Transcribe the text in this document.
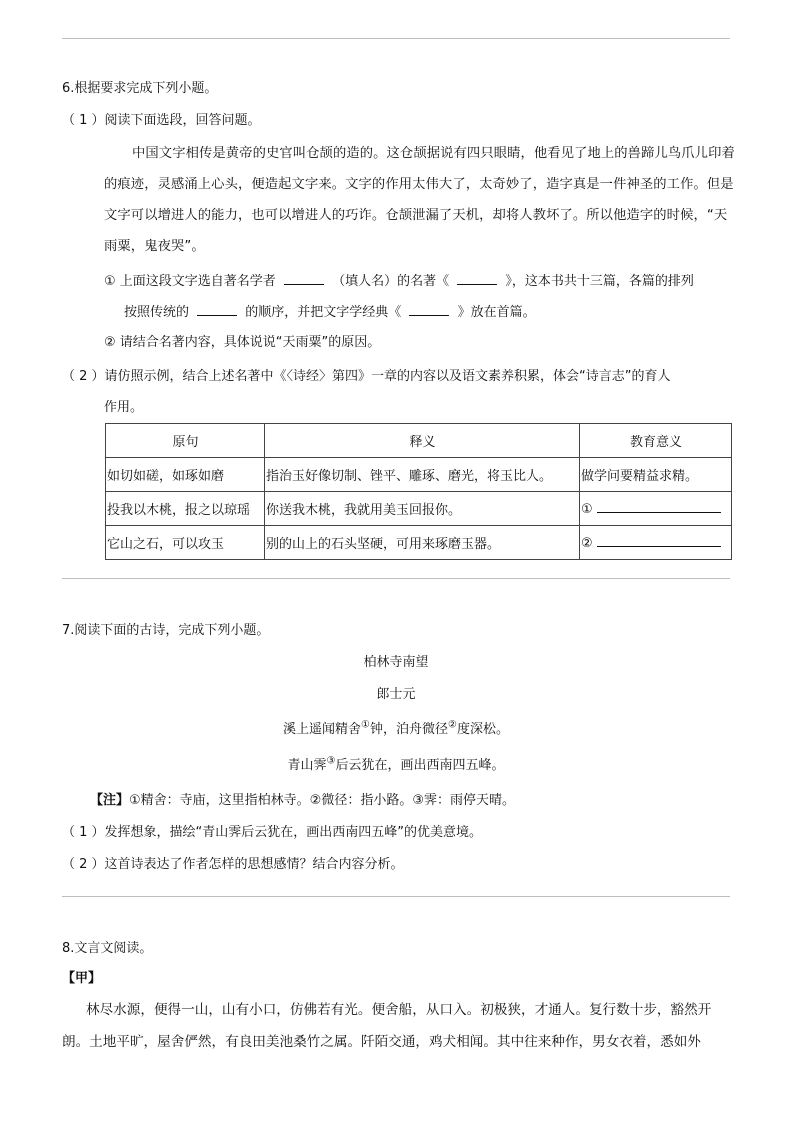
6.根据要求完成下列小题。
（ 1 ）阅读下面选段，回答问题。
中国文字相传是黄帝的史官叫仓颉的造的。这仓颉据说有四只眼睛，他看见了地上的兽蹄儿鸟爪儿印着的痕迹，灵感涌上心头，便造起文字来。文字的作用太伟大了，太奇妙了，造字真是一件神圣的工作。但是文字可以增进人的能力，也可以增进人的巧诈。仓颉泄漏了天机，却将人教坏了。所以他造字的时候，“天雨粟，鬼夜哭”。
① 上面这段文字选自著名学者	（填人名）的名著《	》，这本书共十三篇，各篇的排列
按照传统的	的顺序，并把文字学经典《	》放在首篇。
② 请结合名著内容，具体说说“天雨粟”的原因。
（ 2 ）请仿照示例，结合上述名著中《〈诗经〉第四》一章的内容以及语文素养积累，体会“诗言志”的育人
作用。
原句	释义	教育意义
如切如磋，如琢如磨	指治玉好像切制、锉平、雕琢、磨光，将玉比人。	做学问要精益求精。
投我以木桃，报之以琼瑶	你送我木桃，我就用美玉回报你。	①
它山之石，可以攻玉	别的山上的石头坚硬，可用来琢磨玉器。	②
7.阅读下面的古诗，完成下列小题。
柏林寺南望
郎士元
溪上遥闻精舍①钟，泊舟微径②度深松。
青山霁③后云犹在，画出西南四五峰。
【注】①精舍：寺庙，这里指柏林寺。②微径：指小路。③霁：雨停天晴。
（ 1 ）发挥想象，描绘“青山霁后云犹在，画出西南四五峰”的优美意境。
（ 2 ）这首诗表达了作者怎样的思想感情？结合内容分析。
8.文言文阅读。
【甲】
林尽水源，便得一山，山有小口，仿佛若有光。便舍船，从口入。初极狭，才通人。复行数十步，豁然开朗。土地平旷，屋舍俨然，有良田美池桑竹之属。阡陌交通，鸡犬相闻。其中往来种作，男女衣着，悉如外
